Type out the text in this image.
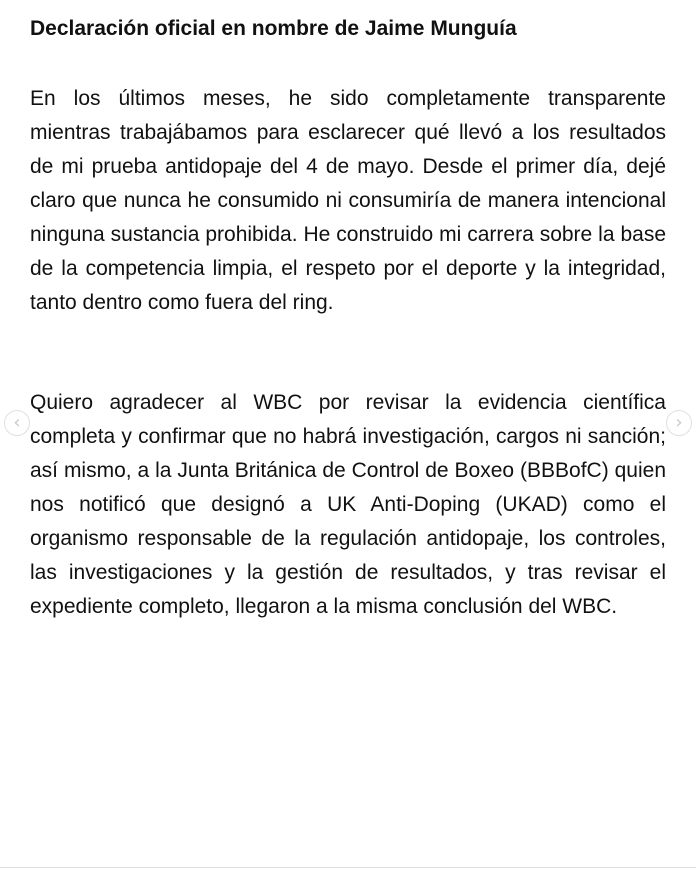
Declaración oficial en nombre de Jaime Munguía

En los últimos meses, he sido completamente transparente mientras trabajábamos para esclarecer qué llevó a los resultados de mi prueba antidopaje del 4 de mayo. Desde el primer día, dejé claro que nunca he consumido ni consumiría de manera intencional ninguna sustancia prohibida. He construido mi carrera sobre la base de la competencia limpia, el respeto por el deporte y la integridad, tanto dentro como fuera del ring.

Quiero agradecer al WBC por revisar la evidencia científica completa y confirmar que no habrá investigación, cargos ni sanción; así mismo, a la Junta Británica de Control de Boxeo (BBBofC) quien nos notificó que designó a UK Anti-Doping (UKAD) como el organismo responsable de la regulación antidopaje, los controles, las investigaciones y la gestión de resultados, y tras revisar el expediente completo, llegaron a la misma conclusión del WBC.

‹	›
